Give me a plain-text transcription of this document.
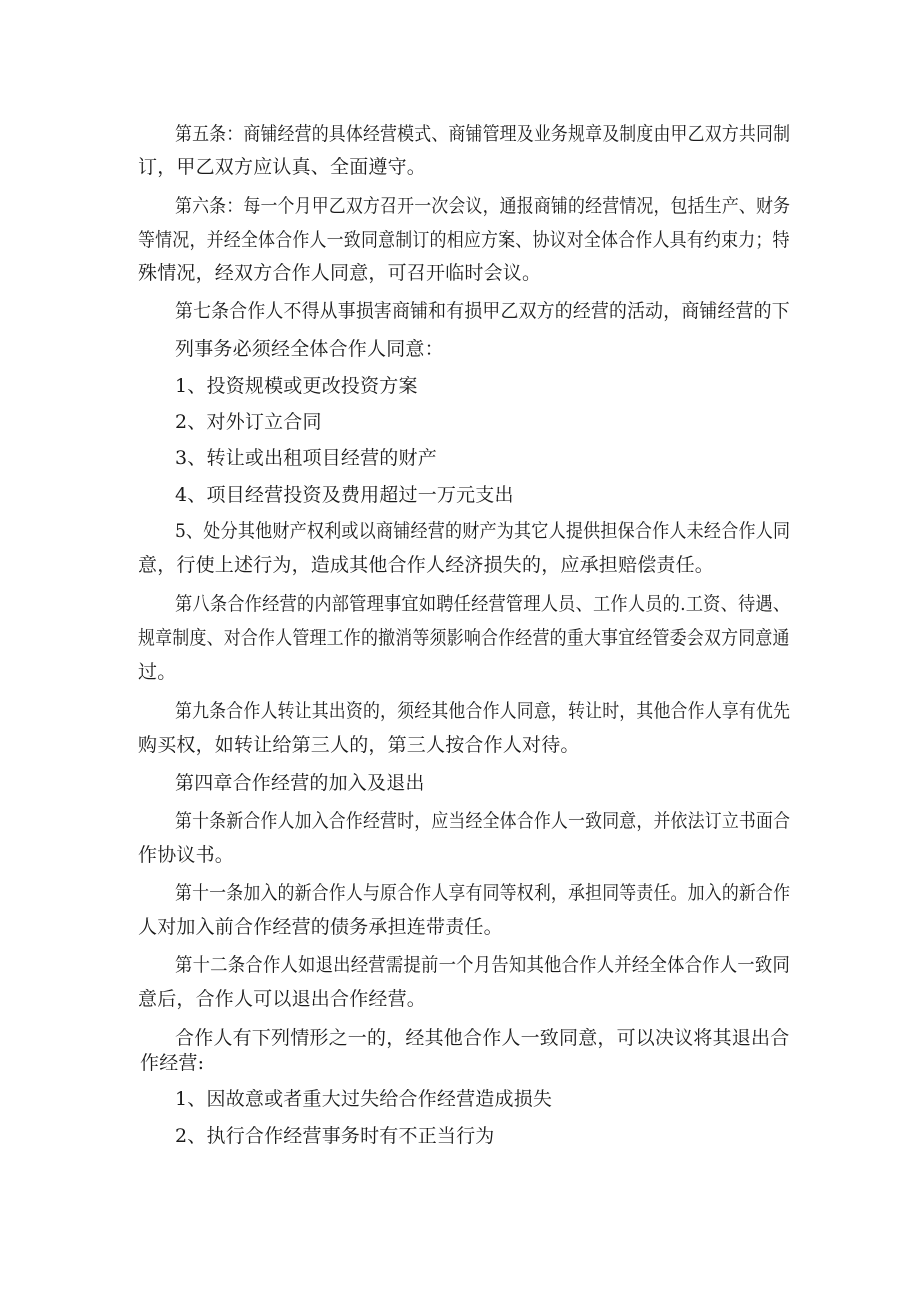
第五条：商铺经营的具体经营模式、商铺管理及业务规章及制度由甲乙双方共同制
订，甲乙双方应认真、全面遵守。
第六条：每一个月甲乙双方召开一次会议，通报商铺的经营情况，包括生产、财务
等情况，并经全体合作人一致同意制订的相应方案、协议对全体合作人具有约束力；特
殊情况，经双方合作人同意，可召开临时会议。
第七条合作人不得从事损害商铺和有损甲乙双方的经营的活动，商铺经营的下
列事务必须经全体合作人同意：
1、投资规模或更改投资方案
2、对外订立合同
3、转让或出租项目经营的财产
4、项目经营投资及费用超过一万元支出
5、处分其他财产权利或以商铺经营的财产为其它人提供担保合作人未经合作人同
意，行使上述行为，造成其他合作人经济损失的，应承担赔偿责任。
第八条合作经营的内部管理事宜如聘任经营管理人员、工作人员的.工资、待遇、
规章制度、对合作人管理工作的撤消等须影响合作经营的重大事宜经管委会双方同意通
过。
第九条合作人转让其出资的，须经其他合作人同意，转让时，其他合作人享有优先
购买权，如转让给第三人的，第三人按合作人对待。
第四章合作经营的加入及退出
第十条新合作人加入合作经营时，应当经全体合作人一致同意，并依法订立书面合
作协议书。
第十一条加入的新合作人与原合作人享有同等权利，承担同等责任。加入的新合作
人对加入前合作经营的债务承担连带责任。
第十二条合作人如退出经营需提前一个月告知其他合作人并经全体合作人一致同
意后，合作人可以退出合作经营。
合作人有下列情形之一的，经其他合作人一致同意，可以决议将其退出合
作经营:
1、因故意或者重大过失给合作经营造成损失
2、执行合作经营事务时有不正当行为
